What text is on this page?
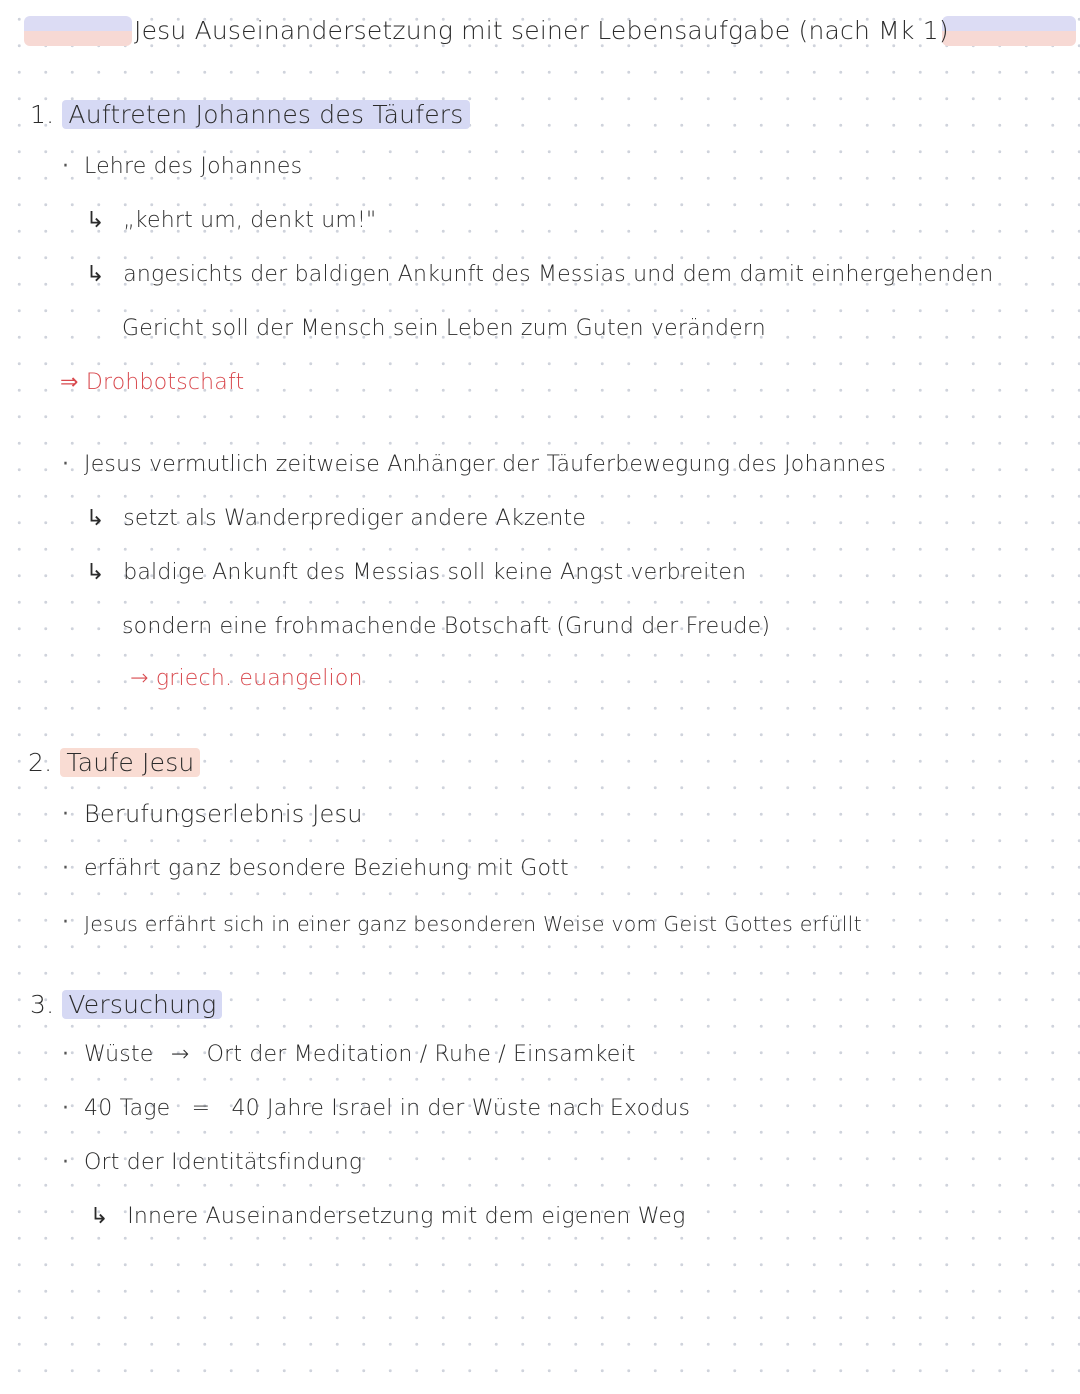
Jesu Auseinandersetzung mit seiner Lebensaufgabe (nach Mk 1)
1. Auftreten Johannes des Täufers
· Lehre des Johannes
↳ „kehrt um, denkt um!"
↳ angesichts der baldigen Ankunft des Messias und dem damit einhergehenden
Gericht soll der Mensch sein Leben zum Guten verändern
⇒ Drohbotschaft
· Jesus vermutlich zeitweise Anhänger der Täuferbewegung des Johannes
↳ setzt als Wanderprediger andere Akzente
↳ baldige Ankunft des Messias soll keine Angst verbreiten
sondern eine frohmachende Botschaft (Grund der Freude)
→ griech. euangelion
2. Taufe Jesu
· Berufungserlebnis Jesu
· erfährt ganz besondere Beziehung mit Gott
· Jesus erfährt sich in einer ganz besonderen Weise vom Geist Gottes erfüllt
3. Versuchung
· Wüste → Ort der Meditation / Ruhe / Einsamkeit
· 40 Tage = 40 Jahre Israel in der Wüste nach Exodus
· Ort der Identitätsfindung
↳ Innere Auseinandersetzung mit dem eigenen Weg
